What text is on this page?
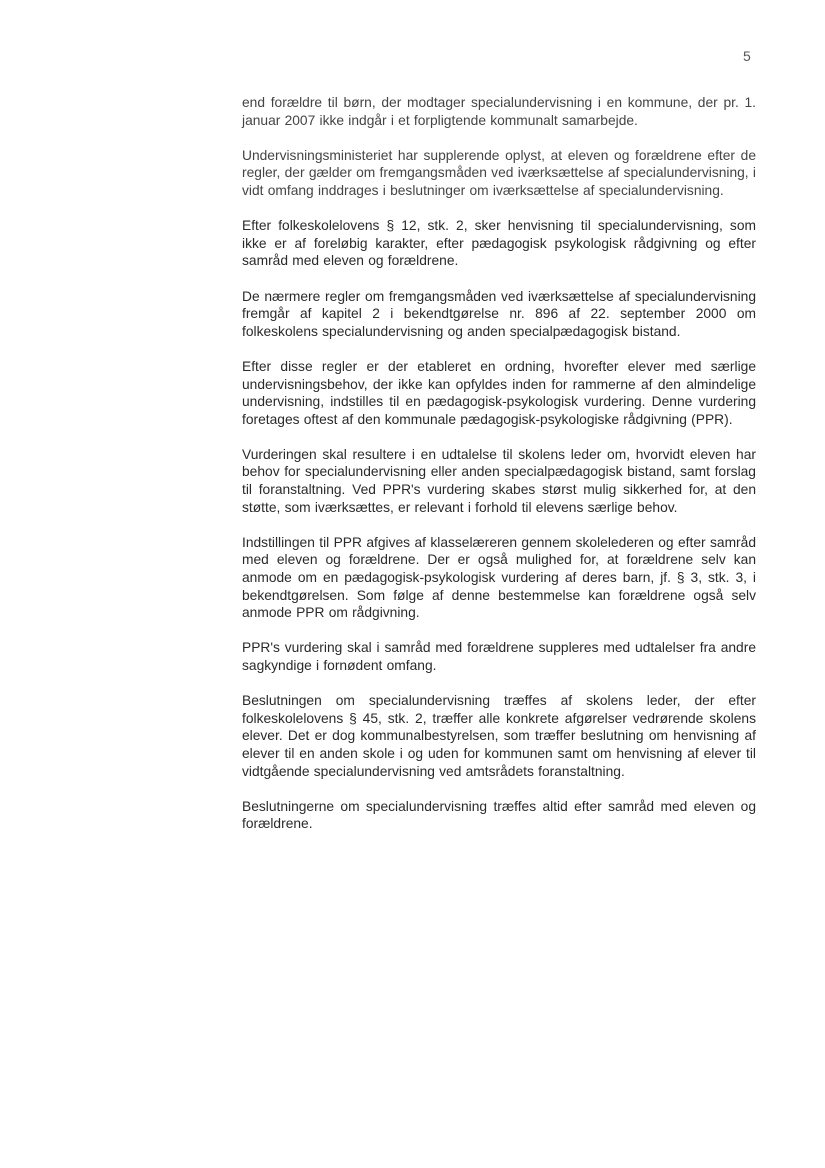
5

end forældre til børn, der modtager specialundervisning i en kommune, der pr. 1. januar 2007 ikke indgår i et forpligtende kommunalt samarbejde.

Undervisningsministeriet har supplerende oplyst, at eleven og forældrene efter de regler, der gælder om fremgangsmåden ved iværksættelse af specialundervisning, i vidt omfang inddrages i beslutninger om iværksættelse af specialundervisning.

Efter folkeskolelovens § 12, stk. 2, sker henvisning til specialundervisning, som ikke er af foreløbig karakter, efter pædagogisk psykologisk rådgivning og efter samråd med eleven og forældrene.

De nærmere regler om fremgangsmåden ved iværksættelse af specialundervisning fremgår af kapitel 2 i bekendtgørelse nr. 896 af 22. september 2000 om folkeskolens specialundervisning og anden specialpædagogisk bistand.

Efter disse regler er der etableret en ordning, hvorefter elever med særlige undervisningsbehov, der ikke kan opfyldes inden for rammerne af den almindelige undervisning, indstilles til en pædagogisk-psykologisk vurdering. Denne vurdering foretages oftest af den kommunale pædagogisk-psykologiske rådgivning (PPR).

Vurderingen skal resultere i en udtalelse til skolens leder om, hvorvidt eleven har behov for specialundervisning eller anden specialpædagogisk bistand, samt forslag til foranstaltning. Ved PPR's vurdering skabes størst mulig sikkerhed for, at den støtte, som iværksættes, er relevant i forhold til elevens særlige behov.

Indstillingen til PPR afgives af klasselæreren gennem skolelederen og efter samråd med eleven og forældrene. Der er også mulighed for, at forældrene selv kan anmode om en pædagogisk-psykologisk vurdering af deres barn, jf. § 3, stk. 3, i bekendtgørelsen. Som følge af denne bestemmelse kan forældrene også selv anmode PPR om rådgivning.

PPR's vurdering skal i samråd med forældrene suppleres med udtalelser fra andre sagkyndige i fornødent omfang.

Beslutningen om specialundervisning træffes af skolens leder, der efter folkeskolelovens § 45, stk. 2, træffer alle konkrete afgørelser vedrørende skolens elever. Det er dog kommunalbestyrelsen, som træffer beslutning om henvisning af elever til en anden skole i og uden for kommunen samt om henvisning af elever til vidtgående specialundervisning ved amtsrådets foranstaltning.

Beslutningerne om specialundervisning træffes altid efter samråd med eleven og forældrene.
